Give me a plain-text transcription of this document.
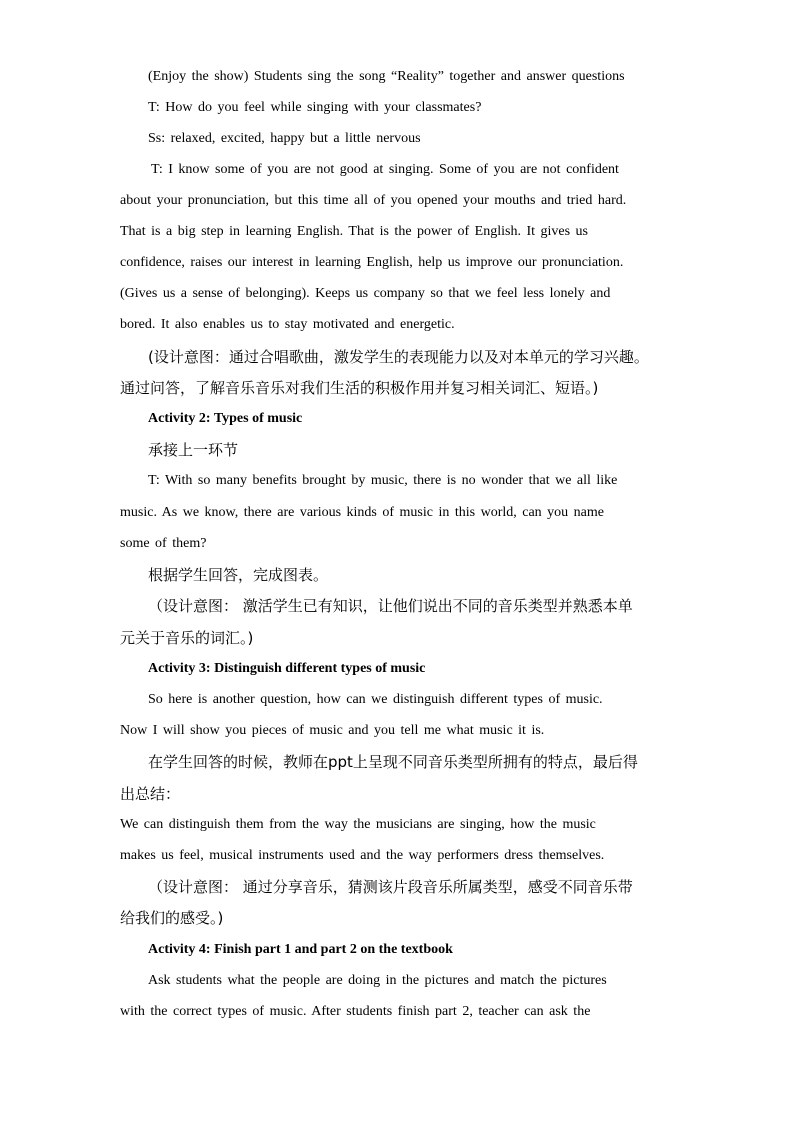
(Enjoy the show) Students sing the song “Reality” together and answer questions
T: How do you feel while singing with your classmates?
Ss: relaxed, excited, happy but a little nervous
T: I know some of you are not good at singing. Some of you are not confident
about your pronunciation, but this time all of you opened your mouths and tried hard.
That is a big step in learning English. That is the power of English. It gives us
confidence, raises our interest in learning English, help us improve our pronunciation.
(Gives us a sense of belonging). Keeps us company so that we feel less lonely and
bored. It also enables us to stay motivated and energetic.
(设计意图：通过合唱歌曲，激发学生的表现能力以及对本单元的学习兴趣。
通过问答，了解音乐音乐对我们生活的积极作用并复习相关词汇、短语。)
Activity 2: Types of music
承接上一环节
T: With so many benefits brought by music, there is no wonder that we all like
music. As we know, there are various kinds of music in this world, can you name
some of them?
根据学生回答，完成图表。
（设计意图： 激活学生已有知识，让他们说出不同的音乐类型并熟悉本单
元关于音乐的词汇。)
Activity 3: Distinguish different types of music
So here is another question, how can we distinguish different types of music.
Now I will show you pieces of music and you tell me what music it is.
在学生回答的时候，教师在ppt上呈现不同音乐类型所拥有的特点，最后得
出总结：
We can distinguish them from the way the musicians are singing, how the music
makes us feel, musical instruments used and the way performers dress themselves.
（设计意图： 通过分享音乐，猜测该片段音乐所属类型，感受不同音乐带
给我们的感受。)
Activity 4: Finish part 1 and part 2 on the textbook
Ask students what the people are doing in the pictures and match the pictures
with the correct types of music. After students finish part 2, teacher can ask the
